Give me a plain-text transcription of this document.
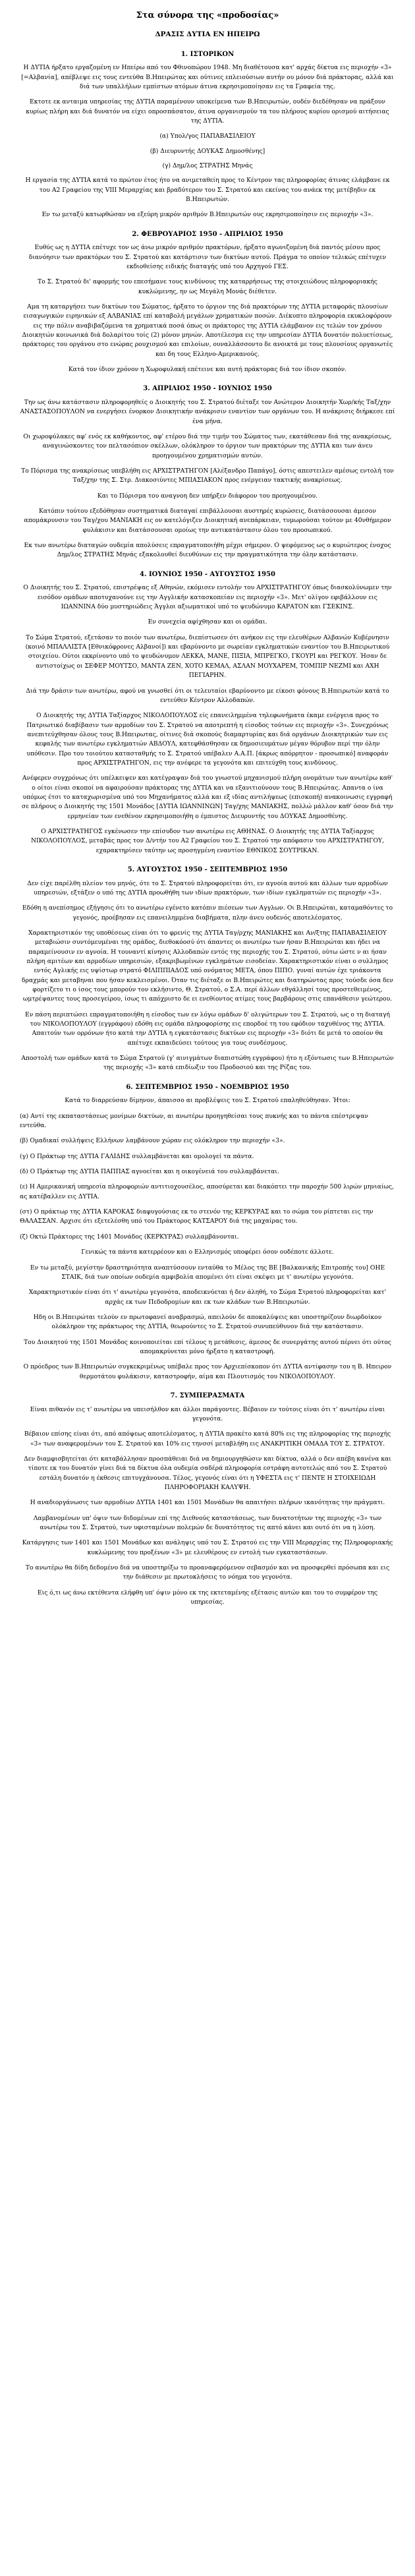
Στα σύνορα της «προδοσίας»
ΔΡΑΣΙΣ ΔΥΤΙΑ ΕΝ ΗΠΕΙΡΩ
1. ΙΣΤΟΡΙΚΟΝ
Η ΔΥΤΙΑ ήρξατο εργαζομένη εν Ηπείρω από του Φθινοπώρου 1948. Μη διαθέτουσα κατ' αρχάς δίκτυα εις περιοχήν «3» [=Αλβανία], απέβλεψε εις τους εντεύθα Β.Ηπειρώτας και ούτινες επλειούσιων αυτήν ου μόνον διά πράκτορας, αλλά και διά των υπαλλήλων εμπίστων ατόμων άτινα εκρησιμοποίησαν εις τα Γραφεία της.
Εκτοτε εκ ανταιμα υπηρεσίας της ΔΥΤΙΑ παραμένουν υποκείμενα των Β.Ηπειρωτών, ουδέν διεδέθησαν να πράξουν κυρίως πλήρη και διά δυνατόν να είχει οπροσπάσατον, άτινα οργανισμούν τα του πλήρους κυρίου ορισμού αιτήσειας της ΔΥΤΙΑ.
(α) Υπολ/γος ΠΑΠΑΒΑΣΙΛΕΙΟΥ
(β) Διευρυντής ΔΟΥΚΑΣ Δημοσθένης]
(γ) Δημ/λος ΣΤΡΑΤΗΣ Μηνάς
Η εργασία της ΔΥΤΙΑ κατά το πρώτον έτος ήτο να ανιμεταθείη προς το Κέντρον τας πληροφορίας άτινας ελάμβανε εκ του Α2 Γραφείου της VIII Μεραρχίας και βραδύτερον του Σ. Στρατού και εκείνας του ανάεκ της μετέβηδιν εκ Β.Ηπειρωτών.
Εν τω μεταξύ κατωρθώσαν να εξεύρη μικρόν αριθμόν Β.Ηπειρωτών ους εκρησιμοποίησιν εις περιοχήν «3».
2. ΦΕΒΡΟΥΑΡΙΟΣ 1950 - ΑΠΡΙΛΙΟΣ 1950
Ευθύς ως η ΔΥΤΙΑ επέτυχε τον ως άνω μικρόν αριθμόν πρακτόρων, ήρξατο αγωνιζομένη διά παντός μέσου προς διανόησιν των πρακτόρων του Σ. Στρατού και κατάρτισιν των δικτύων αυτού. Πράγμα το οποίον τελικώς επέτυχεν εκδιοθείσης ειδικής διαταγής υπό του Αρχηγού ΓΕΣ.
Το Σ. Στρατού δι' αφορμής του επεσήμανε τους κινδύνους της καταρρήσεως της στοιχειώδους πληροφοριακής κυκλώμενης, ην ως Μεγάλη Μονάς διέθετεν.
Αμα τη καταργήσει των δικτύων του Σώματος, ήρξατο το όργιον της διά πρακτόρων της ΔΥΤΙΑ μεταφοράς πλουσίων εισαγωγικών ειρηνικών εξ ΑΛΒΑΝΙΑΣ επί καταβολή μεγάλων χρηματικών ποσών. Διέκυπτο πληροφορία εκυκλοφόρουν εις την πόλιν αναβιβαζόμενα τα χρηματικά ποσά όπως οι πράκτορες της ΔΥΤΙΑ ελάμβανον εις τελών τον χρόνου Διοικητών κοινωνικά διά δολαρίτου τοίς (2) μόνον μηνών. Αποτέλεσμα εις την υπηρεσίαν ΔΥΤΙΑ δυνατόν πολυετίσεως, πράκτορες του οργάνου στο ενώρας ρουχισμού και επιλοίων, ουναλλάσσοντο δε ανοικτά με τους πλουσίους οργανωτές και δη τους Ελληνο-Αμερικανούς.
Κατά τον ίδιον χρόνον η Χωροφυλακή επέτεινε και αυτή πράκτορας διά τον ίδιον σκοπόν.
3. ΑΠΡΙΛΙΟΣ 1950 - ΙΟΥΝΙΟΣ 1950
Την ως άνω κατάστασιν πληροφορηθείς ο Διοικητής του Σ. Στρατού διέταξε τον Ανώτερον Διοικητήν Χωρ/κής Ταξ/χην ΑΝΑΣΤΑΣΟΠΟΥΛΟΝ να ενεργήσει ένορκον Διοικητικήν ανάκρισιν εναντίον των οργάνων του. Η ανάκρισις διήρκεσε επί ένα μήνα.
Οι χωροφύλακες αφ' ενός εκ καθήκοντος, αφ' ετέρου διά την τιμήν του Σώματος των, εκατάθεσαν διά της ανακρίσεως, αναγινώσκοντες τον πελτασόπιον σκέλλων, ολόκληρον το όργιον των πρακτόρων της ΔΥΤΙΑ και των άνευ προηγουμένου χρηματισμών αυτών.
Το Πόρισμα της ανακρίσεως υπεβλήθη εις ΑΡΧΙΣΤΡΑΤΗΓΟΝ [Αλέξανδρο Παπάγο], όστις απεστειλεν αμέσως εντολή τον Ταξ/χην της Σ. Στρ. Διακοσιύντες ΜΠΙΑΣΙΑΚΟΝ προς ενέργειαν τακτικής ανακρίσεως.
Και το Πόρισμα του αναγνοη δεν υπήρξεν διάφορον του προηγουμένου.
Κατόπιν τούτου εξεδόθησαν συστηματικά διαταγαί επιβάλλουσαι αυστηρές κυρώσεις, διατάσσουσαι άμεσον απομάκρυνσιν του Ταγ/χου ΜΑΝΙΑΚΗ εις ον κατελόγιζεν Διοικητική ανεπάρκειαν, τυμωρούσαι τούτον με 40νθήμερον φυλάκισιν και διατάσσουσαι ομοίως την αντικατάστασιν όλου του προσωπικού.
Εκ των ανωτέρω διαταγών ουδεμία απολύσεις επραγματοποιήθη μέχρι σήμερον. Ο ψεφόμενος ως ο κυριώτερος ένοχος Δημ/λος ΣΤΡΑΤΗΣ Μηνάς εξακολουθεί διευθύνων εις την πραγματικότητα την όλην κατάστασιν.
4. ΙΟΥΝΙΟΣ 1950 - ΑΥΓΟΥΣΤΟΣ 1950
Ο Διοικητής του Σ. Στρατού, επιστρέψας εξ Αθηνών, εκόμισεν εντολήν του ΑΡΧΙΣΤΡΑΤΗΓΟΥ όπως διασκολύνωμεν την εισόδον ομάδων αποτυχανούνε εις την Αγγλικήν κατασκοπείαν εις περιοχήν «3». Μετ' ολίγον εφιβάλλουν εις ΙΩΑΝΝΙΝΑ δύο μυστηριώδεις Άγγλοι αξιωματικοί υπό το ψευδώνυμο ΚΑΡΑΤΟΝ και ΓΣΕΚΙΝΣ.
Εν συνεχεία αφίχθησαν και οι ομάδαι.
Το Σώμα Στρατού, εξετάσαν το ποιόν των ανωτέρω, διεπίστωσεν ότι ανήκον εις την ελευθέρων Αλβανών Κυβέρνησιν (κοινό ΜΠΑΛΛΙΣΤΑ [Εθνικόφρονες Αλβανοί]) και εβαρύνοντο με σωρείαν εγκληματικών εναντίον του Β.Ηπειρωτικού στοιχείου. Ούτοι εκκρίνοντο υπό το ψευδώνυμον ΛΕΚΚΑ, ΜΑΝΕ, ΠΙΞΙΑ, ΜΠΡΕΓΚΟ, ΓΚΟΥΡΙ και ΡΕΓΚΟΥ. Ήσαν δε αντιστοίχως οι ΣΕΦΕΡ ΜΟΥΤΣΟ, ΜΑΝΤΑ ΖΕΝ, ΧΟΤΟ ΚΕΜΑΛ, ΑΣΛΑΝ ΜΟΥΧΑΡΕΜ, ΤΟΜΠΙΡ ΝΕΖΜΙ και ΑΧΗ ΠΕΓΙΑΡΗΝ.
Διά την δράσιν των ανωτέρω, αφού να γνωσθεί ότι οι τελευταίοι εβαρύνοντο με είκοσι φόνους Β.Ηπειρωτών κατά το εντεύθεν Κέντρον Αλλοδαπών.
Ο Διοικητής της ΔΥΤΙΑ Ταξίαρχος ΝΙΚΟΛΟΠΟΥΛΟΣ είς επανειλημμένα τηλεφωνήματα έκαμε ενέργεια προς το Πατριωτικό διαβίβασιν των αρμοδίων του Σ. Στρατού να αποτρεπτή η είσοδος τούτων εις περιοχήν «3». Συνεχρόνως ανεπιτεύχθησαν όλους τους Β.Ηπειρωτας, οίτινες διά σκοπούς διαμαρτυρίας και διά οργάνων Διοικητρικών των εις κεφαλής των ανωτέρω εγκληματιών ΑΒΔΟΥΛ, κατεφθάσθησαν εκ δημοσιευμάτων μέγαν θόρυβον περί την όλην υπόθεσιν. Προ του τοιούτου κατασταθμής το Σ. Στρατού υπέβαλεν Α.Α.Π. [άκρως απόρρητον - προσωπικό] αναφοράν προς ΑΡΧΙΣΤΡΑΤΗΓΟΝ, εις την ανέφερε τα γεγονότα και επιτεύχθη τους κινδύνους.
Ανέφερεν συγχρόνως ότι υπέλκειψεν και κατέγραψαν διά του γνωστού μηχανισμού πλήρη ονομάτων των ανωτέρω καθ' ο οίτοι είναι σκοποί να αφαιρούσαν πράκτορας της ΔΥΤΙΑ και να εξανιτιούνουν τους Β.Ηπειρώτας. Απαντα ο ίνα υπόμως έτσι το καταχωρισμένα υπό του Μηχανήματος αλλά και εξ ιδίας αντιλήψεως (επισκοπή) ανακοινωσις εγγραφή σε πλήρους ο Διοικητής της 1501 Μονάδος [ΔΥΤΙΑ ΙΩΑΝΝΙΝΩΝ] Ταγ/χης ΜΑΝΙΑΚΗΣ, πολλώ μάλλον καθ' όσον διά την ερμηνείαν των ενεθένον εκρησιμοποιήθη ο έμπιστος Διευρυντής του ΔΟΥΚΑΣ Δημοσθένης.
Ο ΑΡΧΙΣΤΡΑΤΗΓΟΣ εγκένωσεν την επίσυδον των ανωτέρω εις ΑΘΗΝΑΣ. Ο Διοικητής της ΔΥΤΙΑ Ταξίαρχος ΝΙΚΟΛΟΠΟΥΛΟΣ, μεταβάς προς τον Δ/ντήν του Α2 Γραφείου του Σ. Στρατού την απόφασιν του ΑΡΧΙΣΤΡΑΤΗΓΟΥ, εχαρακτηρίσεν ταύτην ως προσηγμένη εναντίον ΕΘΝΙΚΟΣ ΣΟΥΤΡΙΚΑΝ.
5. ΑΥΓΟΥΣΤΟΣ 1950 - ΣΕΠΤΕΜΒΡΙΟΣ 1950
Δεν είχε παρέλθη πλείον του μηνός, ότε το Σ. Στρατού πληροφορείται ότι, εν αγνοία αυτού και άλλων των αρμοδίων υπηρεσιών, εξτάξεν ο υπό της ΔΥΤΙΑ προωθήθη των ιδίων πρακτόρων, των ιδίων εγκληματιών εις περιοχήν «3».
Εδόθη η ανεπίσημος εξήγησις ότι το ανωτέρω εγένετο κατόπιν πιέσεων των Αγγλων. Οι Β.Ηπειρώται, καταμαθόντες το γεγονός, προέβησαν εις επανειλημμένα διαβήματα, πλην άνευ ουδενός αποτελέσματος.
Χαρακτηριστικόν της υποθέσεως είναι ότι το φρενίς της ΔΥΤΙΑ Ταγ/ρχης ΜΑΝΙΑΚΗΣ και Αν/ξτης ΠΑΠΑΒΑΣΙΛΕΙΟΥ μεταβιώσιν συντόμευμέναι της ομάδος, διεθοκόοσύ ότι άπαντες οι ανωτέρω των ήσαν Β.Ηπειρώται και ήδει να παραμείνουσιν εν αγνοία. Η τουναντί κίνησις Αλλοδαπών εντός της περιοχής του Σ. Στρατού, ούτω ώστε ν αι ήσαν πλήρη αμιτέων και αρμοδίων υπηρεσιών, εξακριβωμένων εγκλημάτων εισοδείαν. Χαρακτηριστικόν είναι ο συλλημος εντός Αγλικής εις υψίστωρ στρατό ΦΙΛΙΠΠΙΑΔΟΣ υπό ονόματος ΜΕΤΑ, όπου ΠΙΠΟ. γυναί αυτών έχε τριάκοντα δραχμάς και μεταβηναι που ήσαν κεκλεισμένοι. Όταν τις διέταξε οι Β.Ηπειρώτες και διατηρώντας προς τούσδε όσα δεν φορτίζετο τι ο ίσος τους μπορούν τον εκλήσιντο, Θ. Στρατού, ο Σ.Α. περί άλλων εθγάλλησί τους προστεθειμένος, ωμτρέψαντες τους προσεγείρου, ίσως τι απόχριστο δε ει ενεθίοντος ατίμες τους βαρβάρους στις επανάθεσιν γεώτερου.
Εν πάση περιπτώσει επραγματοποιήθη η είσοδος των εν λόγω ομάδων δ' ολιγώτερων του Σ. Στρατού, ως ο τη διαταγή του ΝΙΚΟΛΟΠΟΥΛΟΥ (εγγράφου) εδόθη εις ομάδα πληροφορίσης εις επορδοέ τη του εφόδιον ταχυθένος της ΔΥΤΙΑ. Απαιτούν των ορρόνων ήτο κατά την ΔΥΤΙΑ η εγκατάστασις δικτύων εις περιοχήν «3» διότι δε μετά το οποίον θα απέτυχε εκπαιδεύσει τούτους για τους συνδέσμους.
Αποστολή των ομάδων κατά το Σώμα Στρατού (γ' αινιγμάτων διαπιστώθη εγγράφου) ήτο η εξόντωσις των Β.Ηπειρωτών της περιοχής «3» κατά επιδίωξιν του Προδοσιού και της Ρίζας του.
6. ΣΕΠΤΕΜΒΡΙΟΣ 1950 - ΝΟΕΜΒΡΙΟΣ 1950
Κατά το διαρρεύσαν δίμηνον, άπαισσο αι προβλέψεις του Σ. Στρατού επαληθεύθησαν. Ήτοι:
(α) Αντί της εκπαταστάσεως μονίμων δικτύων, αι ανωτέρω προηγηθείσαι τους πυκνής και το πάντα επέστρεψαν εντεύθα.
(β) Ομαδικαί συλλήψεις Ελλήνων λαμβάνουν χώραν εις ολόκληρον την περιοχήν «3».
(γ) Ο Πράκτωρ της ΔΥΤΙΑ ΓΑΛΙΔΗΣ συλλαμβάνεται και ομολογεί τα πάντα.
(δ) Ο Πράκτωρ της ΔΥΤΙΑ ΠΑΠΠΑΣ αγνοείται και η οικογένειά του συλλαμβάνεται.
(ε) Η Αμερικανική υπηρεσία πληροφοριών αντιτιοχουσέλος, αποσύρεται και διακόπτει την παροχήν 500 λιρών μηνιαίως, ας κατέβαλλεν εις ΔΥΤΙΑ.
(στ) Ο πράκτωρ της ΔΥΤΙΑ ΚΑΡΟΚΑΣ διαφυγούσιας εκ το στενόν της ΚΕΡΚΥΡΑΣ και το σώμα του ρίπτεται εις την ΘΑΛΑΣΣΑΝ. Αρχισε ότι εξετελέσθη υπό του Πράκτορος ΚΑΤΣΑΡΟΥ διά της μαχαίρας του.
(ζ) Οκτώ Πράκτορες της 1401 Μονάδος (ΚΕΡΚΥΡΑΣ) συλλαμβάνονται.
Γενικώς τα πάντα κατερρέουν και ο Ελληνισμός υποφέρει όσον ουδέποτε άλλοτε.
Εν τω μεταξύ, μεγίστην δραστηριότητα αναπτύσσουν ενταύθα το Μέλος της ΒΕ [Βαλκανικής Επιτροπής του] ΟΗΕ ΣΤΑΙΚ, διά των οποίων ουδεμία αμφιβολία απομένει ότι είναι σκέψει με τ' ανωτέρω γεγονότα.
Χαρακτηριστικόν είναι ότι τ' ανωτέρω γεγονότα, αποδεικνύεται ή δεν άληθή, το Σώμα Στρατού πληροφορείται κατ' αρχάς εκ των Πεδοδρομίων και εκ των κλάδων των Β.Ηπειρωτών.
Ηδη οι Β.Ηπειρώται τελούν εν πρωτοφανεί αναβρασμώ, απειλούν δε αποκαλύψεις και υποστηρίζουν διωρδοίκον ολόκληρον της πράκτωρος της ΔΥΤΙΑ, θεωρούντες το Σ. Στρατού συνυπεύθυνον διά την κατάστασιν.
Του Διοικητού της 1501 Μονάδος κοινοποιείται επί τέλους η μετάθεσις, άμεσος δε συνεργάτης αυτού πέρνει ότι ούτος απομακρύνεται μόνο ήρξατο η καταστροφή.
Ο πρόεδρος των Β.Ηπειρωτών συγκεκριμένως υπέβαλε προς τον Αρχιεπίσκοπον ότι ΔΥΤΙΑ αντίφασην του η Β. Ηπειρον θερμοτάτου φυλάκισιν, καταστροφήν, αίμα και Πλουτισμός του ΝΙΚΟΛΟΠΟΥΛΟΥ.
7. ΣΥΜΠΕΡΑΣΜΑΤΑ
Είναι πιθανόν εις τ' ανωτέρω να υπεισήλθον και άλλοι παράγοντες. Βέβαιον εν τούτοις είναι ότι τ' ανωτέρω είναι γεγονότα.
Βέβαιον επίσης είναι ότι, από απόψεως αποτελέσματος, η ΔΥΤΙΑ πρακέτο κατά 80% εις της πληροφορίας της περιοχής «3» των αναφερομένων του Σ. Στρατού και 10% εις τηνσσί μεταβλήθη εις ΑΝΑΚΡΙΤΙΚΗ ΟΜΑΔΑ ΤΟΥ Σ. ΣΤΡΑΤΟΥ.
Δεν διαμφισβητείται ότι καταβάλλησαν προσπάθειαι διά να δημιουργηθώσιν και δίκτυα, αλλά ο δεν απέβη κανένα και τίποτε εκ του δυνατόν γίνει διά τα δίκτυα όλα ουδεμία σαδέρά πληροφορία εστράφη αυτοτελώς από του Σ. Στρατού εστάλη δυνατόν η έκθεσις επιτυγχάνουσα. Τέλος, γεγονός είναι ότι η ΥΦΕΣΤΑ εις τ' ΠΕΝΤΕ Η ΣΤΟΙΧΕΙΩΔΗ ΠΛΗΡΟΦΟΡΙΑΚΗ ΚΑΛΥΨΗ.
Η αναδιοργάνωσις των αρμοδίων ΔΥΤΙΑ 1401 και 1501 Μονάδων θα απαιτήσει πλήρων ικανότητας την πράγματι.
Λαμβανομένων υπ' όψιν των διδομένων επί της Διεθνούς καταστάσεως, των δυνατοτήτων της περιοχής «3» των ανωτέρω του Σ. Στρατού, των υφισταμένων πολεμών δε δυνατότητος τις απτό κάνει και ουτό ότι να η λύση.
Κατάργησις των 1401 και 1501 Μονάδων και ανάληψις υπό του Σ. Στρατού εις την VIII Μεραρχίας της Πληροφοριακής κυκλώμενης του προξένων «3» με ελευθέρους εν εντολή των εγκαταστάσεων.
Το ανωτέρω θα δίδη δεδομένο διά να υποστηρίξω το προαναφερόμενον σεβασμόν και να προσφερθεί πρόσωπα και εις την διάθεσιν με πρωτοκλήσεις το νόημα του γεγονότα.
Εις ό,τι ως άνω εκτέθεντα ελήφθη υπ' όψιν μόνο εκ της εκτεταμένης εξέτασις αυτών και του το συμφέρον της υπηρεσίας.
